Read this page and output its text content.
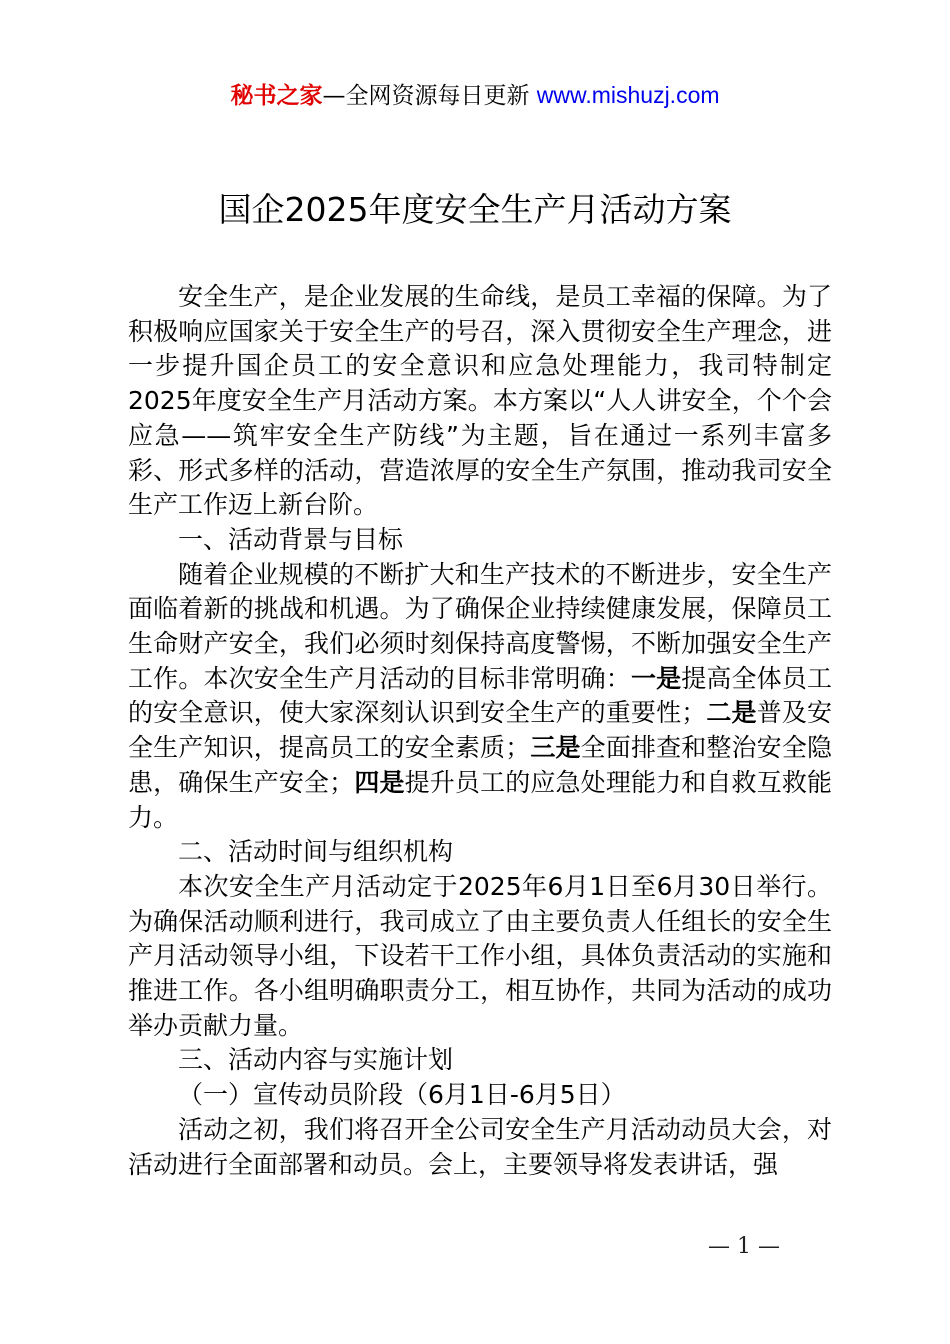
秘书之家—全网资源每日更新 www.mishuzj.com
国企2025年度安全生产月活动方案

安全生产，是企业发展的生命线，是员工幸福的保障。为了积极响应国家关于安全生产的号召，深入贯彻安全生产理念，进一步提升国企员工的安全意识和应急处理能力，我司特制定2025年度安全生产月活动方案。本方案以“人人讲安全，个个会应急——筑牢安全生产防线”为主题，旨在通过一系列丰富多彩、形式多样的活动，营造浓厚的安全生产氛围，推动我司安全生产工作迈上新台阶。

一、活动背景与目标

随着企业规模的不断扩大和生产技术的不断进步，安全生产面临着新的挑战和机遇。为了确保企业持续健康发展，保障员工生命财产安全，我们必须时刻保持高度警惕，不断加强安全生产工作。本次安全生产月活动的目标非常明确：一是提高全体员工的安全意识，使大家深刻认识到安全生产的重要性；二是普及安全生产知识，提高员工的安全素质；三是全面排查和整治安全隐患，确保生产安全；四是提升员工的应急处理能力和自救互救能力。

二、活动时间与组织机构

本次安全生产月活动定于2025年6月1日至6月30日举行。为确保活动顺利进行，我司成立了由主要负责人任组长的安全生产月活动领导小组，下设若干工作小组，具体负责活动的实施和推进工作。各小组明确职责分工，相互协作，共同为活动的成功举办贡献力量。

三、活动内容与实施计划

（一）宣传动员阶段（6月1日-6月5日）

活动之初，我们将召开全公司安全生产月活动动员大会，对活动进行全面部署和动员。会上，主要领导将发表讲话，强

— 1 —
